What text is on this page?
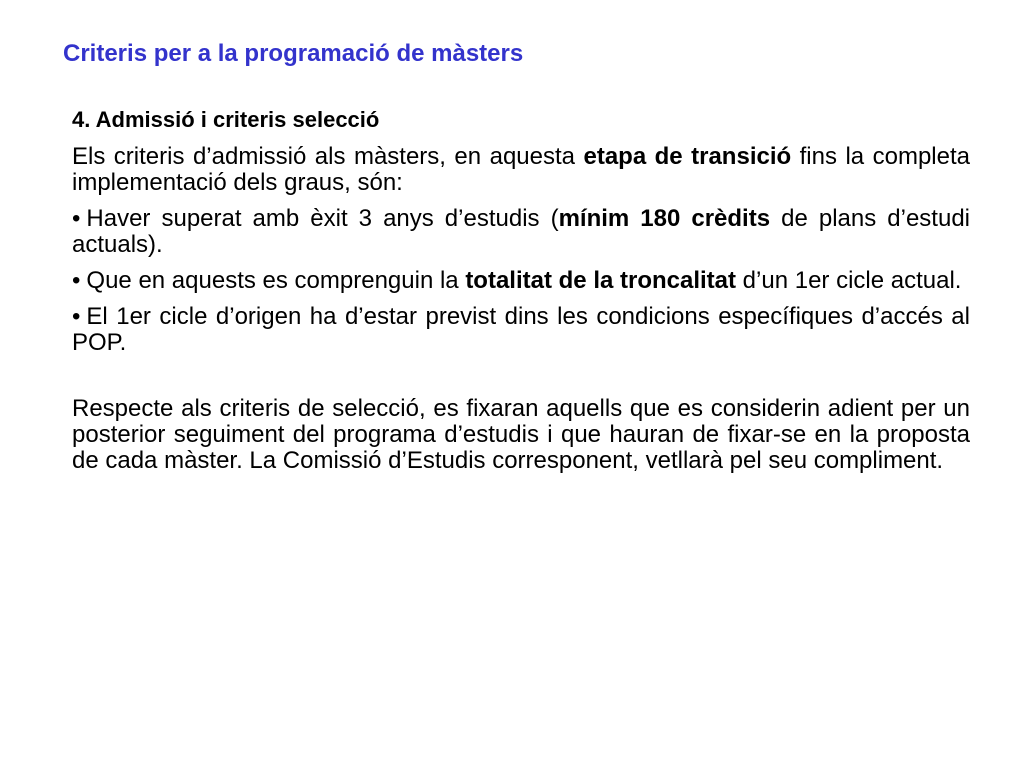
Criteris per a la programació de màsters

4. Admissió i criteris selecció

Els criteris d’admissió als màsters, en aquesta etapa de transició fins la completa implementació dels graus, són:

• Haver superat amb èxit 3 anys d’estudis (mínim 180 crèdits de plans d’estudi actuals).

• Que en aquests es comprenguin la totalitat de la troncalitat d’un 1er cicle actual.

• El 1er cicle d’origen ha d’estar previst dins les condicions específiques d’accés al POP.

Respecte als criteris de selecció, es fixaran aquells que es considerin adient per un posterior seguiment del programa d’estudis i que hauran de fixar-se en la proposta de cada màster. La Comissió d’Estudis corresponent, vetllarà pel seu compliment.
